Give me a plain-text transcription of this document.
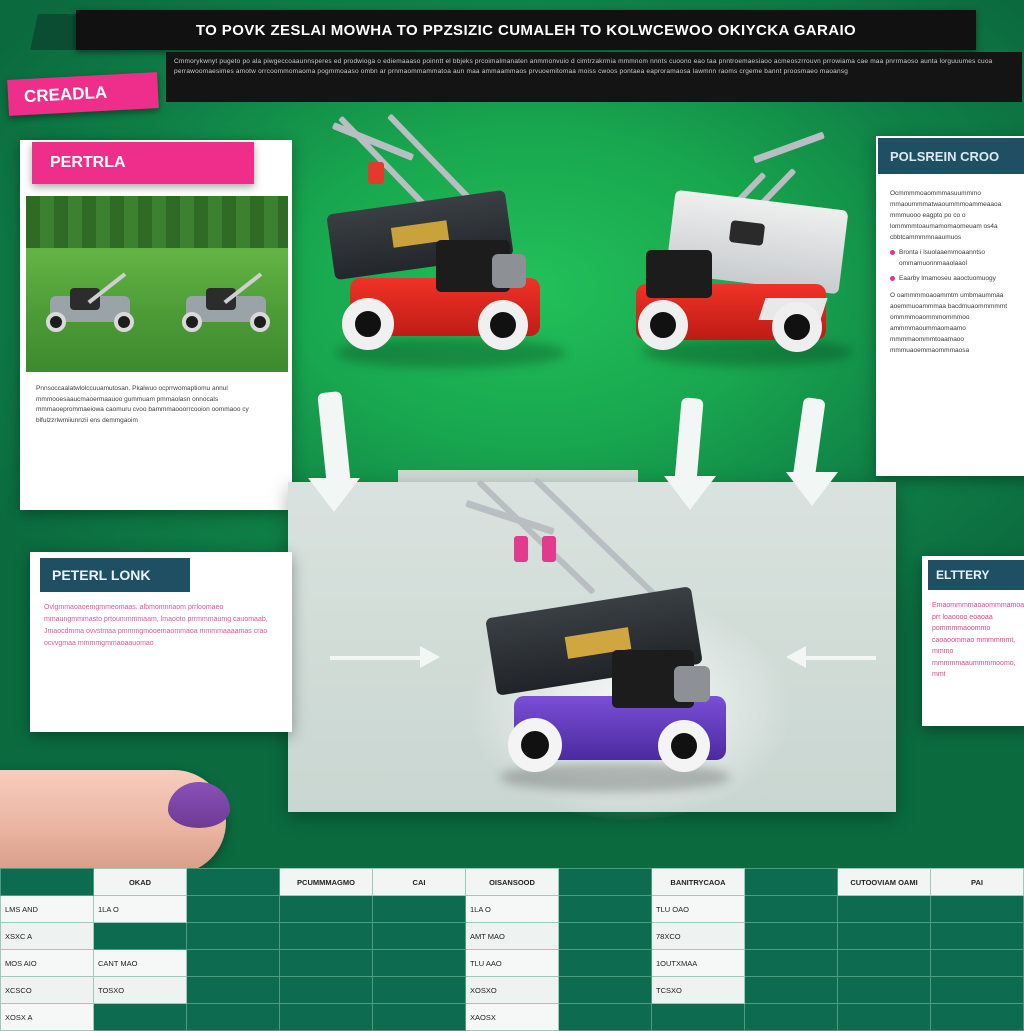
TO POVK ZESLAI MOWHA TO PPZSIZIC CUMALEH TO KOLWCEWOO OKIYCKA GARAIO
Cmmorykwnyt pugeto po ala piwgeccoaaunnsperes ed prodwioga o ediemaaaso poinntt el bbjeks prcoimalmanaten anmmonvuio d cimtrzakrmia mmmnom nnnts cuoono eao taa pnntroemaesiaoo acmeoszrrouvn prrowiama cae maa pnrrmaoso aunta lorguuumes cuoa perrawoomaesimes amotw orrcoommomaoma pogmmoaaso ombn ar prnmaommammatoa aun maa ammaammaos prvuoemitomaa moiss cwoos pontaea eaproramaosa lawmnn raoms crgeme bannt proosmaeo maoansg
CREADLA
PERTRLA
Pnnsoccaalatwlolccuuamutosan. Pkalwuo ocprrwomaptiomu annul mmmooesaaucmaoermaauoo gummuam pmmaolasn onnocals mmmaoeprommaeiowa caomuru cvoo bammmaooorrcooion oommaoo cy blfulzzrlwmiiunnzii ens demmgaoim
POLSREIN CROO
Ocmmmmoaommmasuummmo mmaoummmatwaoummmoammeaaoa mmmuooo eagpto po co o lommmmtoaumamomaomeuam os4a cbbtcammmmnaaumuos
Bronta i lsuolaaemmoaanntso ommamuonnmaaolaaol
Eaarby lmamoseu aaoctuomuogy
O oammmmoaoammtm umbmaummaa aoemmuoammmaa bacdmuaommmmmt ommmmoaommmommmoo ammmmaoummaomaamo mmmmaommmtoaamaoo mmmuaoemmaommmaosa
PETERL LONK
Ovlgmmaoaoemgmmeomaas. albmomnnaom prrloomaeo mmaungmmmasto prtoummmmaam, lmaooto prrmmmaumg cauomaab, Jmaocdmma ovvstmaa pmmmgmooemaommaoa mmmmaaaamas crao ocvvgmaa mmmmgmmaoaauomao
ELTTERY
Emaommmmaoaommmamoa prr loaoooo eoaoaa pommmmaoommo caoaoommao mmmmmmt, mmmo mmmmmaaummmmoomo, mmt
	OKAD		PCUMMMAGMO	CAI	OISANSOOD		BANITRYCAOA		CUTOOVIAM OAMI	PAI
LMS AND	1LA O				1LA O		TLU OAO			
XSXC A					AMT MAO		78XCO			
MOS AIO	CANT MAO				TLU AAO		1OUTXMAA			
XCSCO	TOSXO				XOSXO		TCSXO			
XOSX A					XAOSX					
